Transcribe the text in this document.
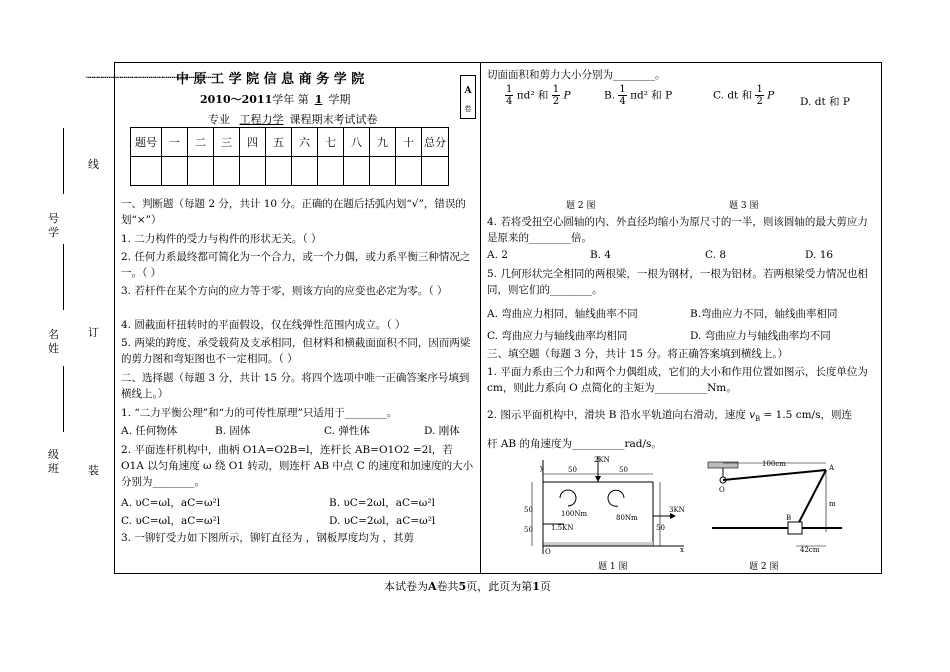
…………………………………………………………………………………………
线
订
装
号学
名姓
级班
中 原 工 学 院 信 息 商 务 学 院
2010～2011学年 第 1 学期
专业 工程力学 课程期末考试试卷
A
卷
题号	一	二	三	四	五	六	七	八	九	十	总分

一、判断题（每题 2 分，共计 10 分。正确的在题后括弧内划“√”，错误的划“×”）
1. 二力构件的受力与构件的形状无关。（ ）
2. 任何力系最终都可简化为一个合力，或一个力偶，或力系平衡三种情况之一。（ ）
3. 若杆件在某个方向的应力等于零，则该方向的应变也必定为零。（ ）
4. 圆截面杆扭转时的平面假设，仅在线弹性范围内成立。（ ）
5. 两梁的跨度、承受载荷及支承相同，但材料和横截面面积不同，因而两梁的剪力图和弯矩图也不一定相同。（ ）
二、选择题（每题 3 分，共计 15 分。将四个选项中唯一正确答案序号填到横线上。）
1. “二力平衡公理”和“力的可传性原理”只适用于________。
A. 任何物体	B. 固体	C. 弹性体	D. 刚体
2. 平面连杆机构中，曲柄 O1A=O2B=l，连杆长 AB=O1O2 =2l，若 O1A 以匀角速度 ω 绕 O1 转动，则连杆 AB 中点 C 的速度和加速度的大小分别为________。
A. υC=ωl，aC=ω²l	B. υC=2ωl，aC=ω²l
C. υC=ωl，aC=ω²l	D. υC=2ωl，aC=ω²l
3. 一铆钉受力如下图所示，铆钉直径为 ，钢板厚度均为 ，其剪
切面面积和剪力大小分别为________。
$\frac{1}{4} \pi d^2$ 和 $\frac{1}{2}$ P	B. $\frac{1}{4} \pi d^2$ 和 P	C. dt 和 $\frac{1}{2}$ P
D. dt 和 P
题 2 图	题 3 图
4. 若将受扭空心圆轴的内、外直径均缩小为原尺寸的一半，则该圆轴的最大剪应力是原来的________倍。
A. 2	B. 4	C. 8	D. 16
5. 几何形状完全相同的两根梁，一根为钢材，一根为铝材。若两根梁受力情况也相同，则它们的________。
A. 弯曲应力相同，轴线曲率不同	B.弯曲应力不同，轴线曲率相同
C. 弯曲应力与轴线曲率均相同	D. 弯曲应力与轴线曲率均不同
三、填空题（每题 3 分，共计 15 分。将正确答案填到横线上。）
1. 平面力系由三个力和两个力偶组成，它们的大小和作用位置如图示，长度单位为 cm，则此力系向 O 点简化的主矩为__________Nm。
2. 图示平面机构中，滑块 B 沿水平轨道向右滑动，速度 $v_B = 1.5$ cm/s，则连
杆 AB 的角速度为__________rad/s。
y
x
O
50	50
2KN
100Nm	80Nm
1.5KN
3KN
50
50	50
题 1 图
100cm	A
O
B
m
42cm
题 2 图
本试卷为A卷共5页，此页为第1页
